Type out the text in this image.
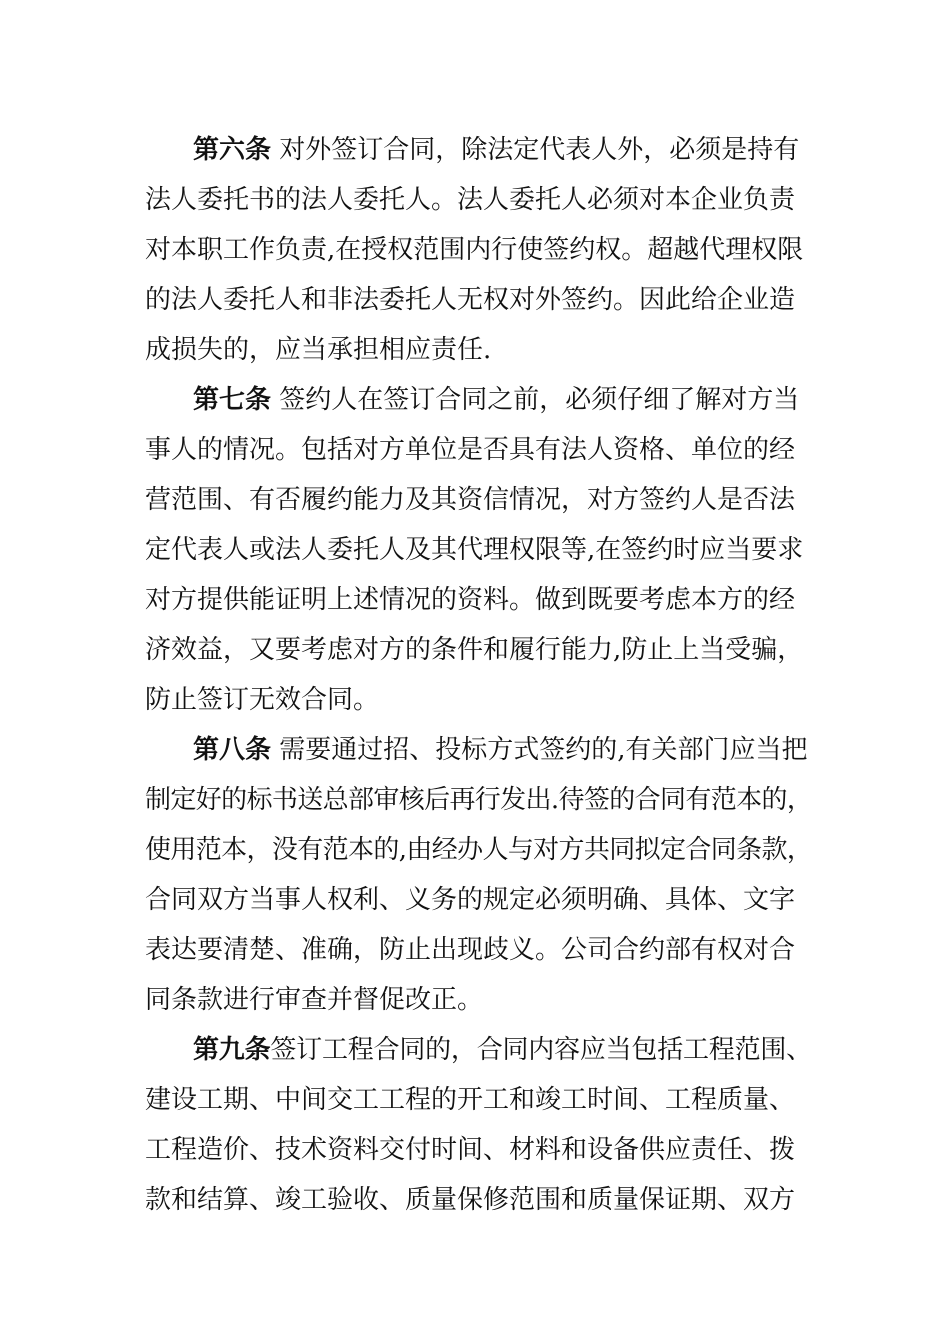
第六条 对外签订合同，除法定代表人外，必须是持有
法人委托书的法人委托人。法人委托人必须对本企业负责
对本职工作负责,在授权范围内行使签约权。超越代理权限
的法人委托人和非法委托人无权对外签约。因此给企业造
成损失的，应当承担相应责任.
第七条 签约人在签订合同之前，必须仔细了解对方当
事人的情况。包括对方单位是否具有法人资格、单位的经
营范围、有否履约能力及其资信情况，对方签约人是否法
定代表人或法人委托人及其代理权限等,在签约时应当要求
对方提供能证明上述情况的资料。做到既要考虑本方的经
济效益，又要考虑对方的条件和履行能力,防止上当受骗，
防止签订无效合同。
第八条 需要通过招、投标方式签约的,有关部门应当把
制定好的标书送总部审核后再行发出.待签的合同有范本的，
使用范本，没有范本的,由经办人与对方共同拟定合同条款，
合同双方当事人权利、义务的规定必须明确、具体、文字
表达要清楚、准确，防止出现歧义。公司合约部有权对合
同条款进行审查并督促改正。
第九条签订工程合同的，合同内容应当包括工程范围、
建设工期、中间交工工程的开工和竣工时间、工程质量、
工程造价、技术资料交付时间、材料和设备供应责任、拨
款和结算、竣工验收、质量保修范围和质量保证期、双方
